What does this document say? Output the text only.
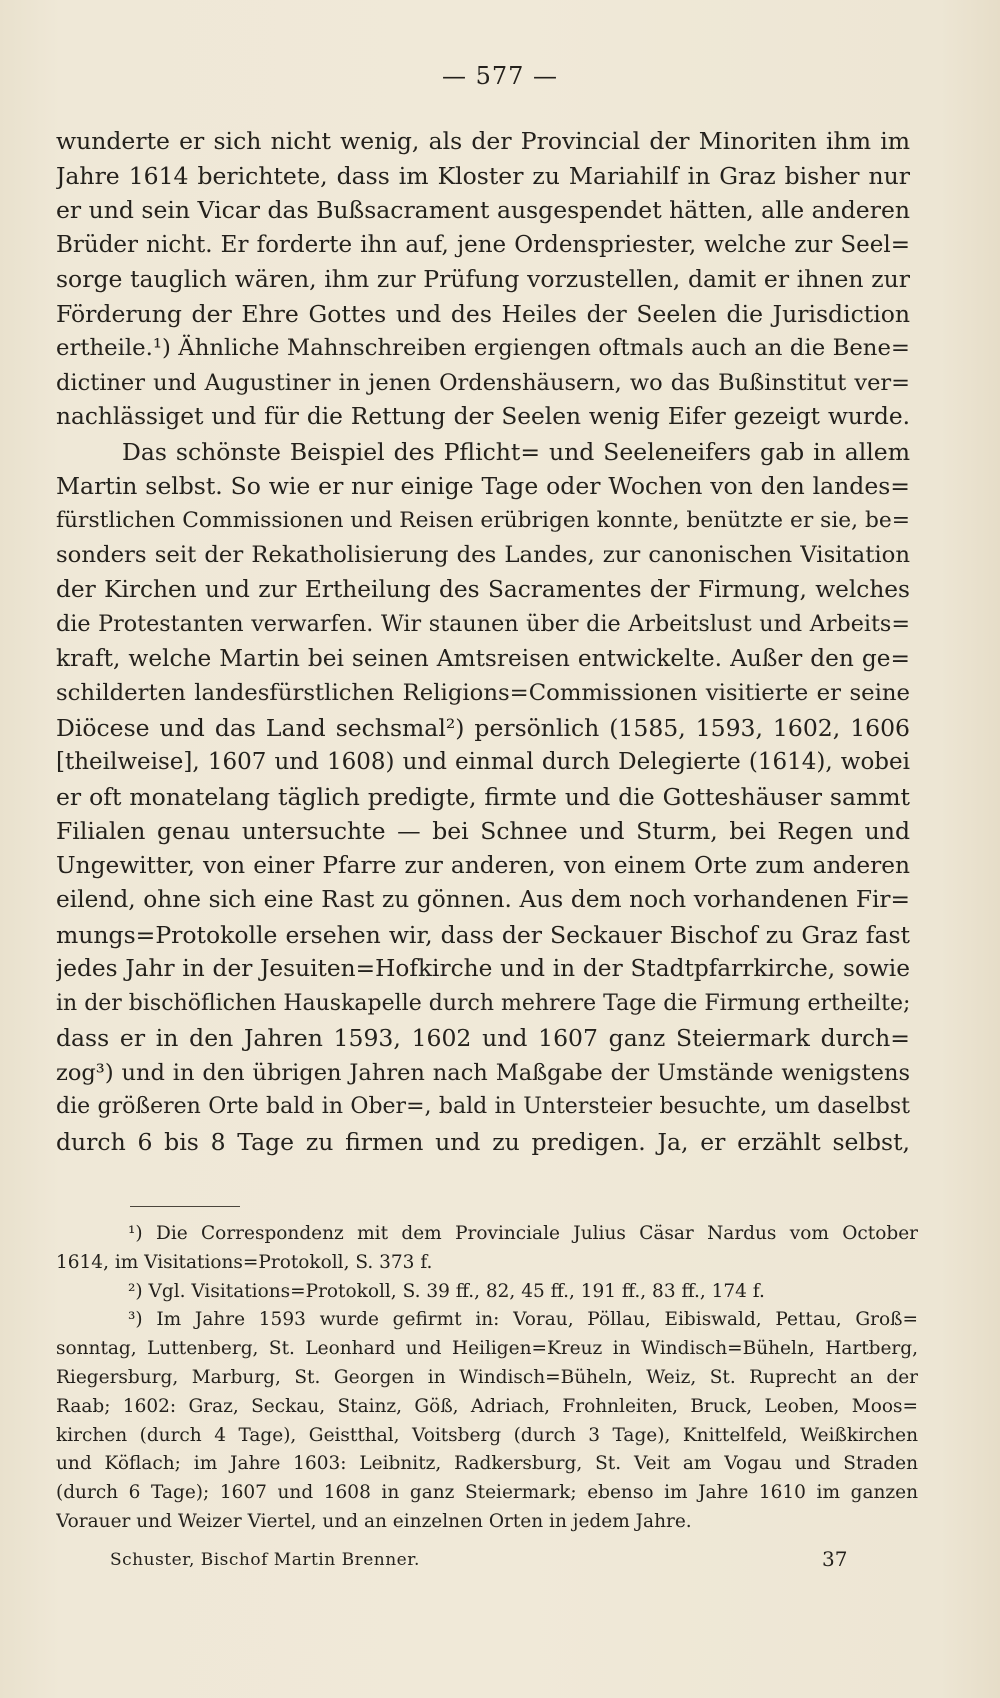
— 577 —
wunderte er sich nicht wenig, als der Provincial der Minoriten ihm im
Jahre 1614 berichtete, dass im Kloster zu Mariahilf in Graz bisher nur
er und sein Vicar das Bußsacrament ausgespendet hätten, alle anderen
Brüder nicht. Er forderte ihn auf, jene Ordenspriester, welche zur Seel=
sorge tauglich wären, ihm zur Prüfung vorzustellen, damit er ihnen zur
Förderung der Ehre Gottes und des Heiles der Seelen die Jurisdiction
ertheile.¹) Ähnliche Mahnschreiben ergiengen oftmals auch an die Bene=
dictiner und Augustiner in jenen Ordenshäusern, wo das Bußinstitut ver=
nachlässiget und für die Rettung der Seelen wenig Eifer gezeigt wurde.
Das schönste Beispiel des Pflicht= und Seeleneifers gab in allem
Martin selbst. So wie er nur einige Tage oder Wochen von den landes=
fürstlichen Commissionen und Reisen erübrigen konnte, benützte er sie, be=
sonders seit der Rekatholisierung des Landes, zur canonischen Visitation
der Kirchen und zur Ertheilung des Sacramentes der Firmung, welches
die Protestanten verwarfen. Wir staunen über die Arbeitslust und Arbeits=
kraft, welche Martin bei seinen Amtsreisen entwickelte. Außer den ge=
schilderten landesfürstlichen Religions=Commissionen visitierte er seine
Diöcese und das Land sechsmal²) persönlich (1585, 1593, 1602, 1606
[theilweise], 1607 und 1608) und einmal durch Delegierte (1614), wobei
er oft monatelang täglich predigte, firmte und die Gotteshäuser sammt
Filialen genau untersuchte — bei Schnee und Sturm, bei Regen und
Ungewitter, von einer Pfarre zur anderen, von einem Orte zum anderen
eilend, ohne sich eine Rast zu gönnen. Aus dem noch vorhandenen Fir=
mungs=Protokolle ersehen wir, dass der Seckauer Bischof zu Graz fast
jedes Jahr in der Jesuiten=Hofkirche und in der Stadtpfarrkirche, sowie
in der bischöflichen Hauskapelle durch mehrere Tage die Firmung ertheilte;
dass er in den Jahren 1593, 1602 und 1607 ganz Steiermark durch=
zog³) und in den übrigen Jahren nach Maßgabe der Umstände wenigstens
die größeren Orte bald in Ober=, bald in Untersteier besuchte, um daselbst
durch 6 bis 8 Tage zu firmen und zu predigen. Ja, er erzählt selbst,
¹) Die Correspondenz mit dem Provinciale Julius Cäsar Nardus vom October
1614, im Visitations=Protokoll, S. 373 f.
²) Vgl. Visitations=Protokoll, S. 39 ff., 82, 45 ff., 191 ff., 83 ff., 174 f.
³) Im Jahre 1593 wurde gefirmt in: Vorau, Pöllau, Eibiswald, Pettau, Groß=
sonntag, Luttenberg, St. Leonhard und Heiligen=Kreuz in Windisch=Büheln, Hartberg,
Riegersburg, Marburg, St. Georgen in Windisch=Büheln, Weiz, St. Ruprecht an der
Raab; 1602: Graz, Seckau, Stainz, Göß, Adriach, Frohnleiten, Bruck, Leoben, Moos=
kirchen (durch 4 Tage), Geistthal, Voitsberg (durch 3 Tage), Knittelfeld, Weißkirchen
und Köflach; im Jahre 1603: Leibnitz, Radkersburg, St. Veit am Vogau und Straden
(durch 6 Tage); 1607 und 1608 in ganz Steiermark; ebenso im Jahre 1610 im ganzen
Vorauer und Weizer Viertel, und an einzelnen Orten in jedem Jahre.
Schuster, Bischof Martin Brenner.	37
